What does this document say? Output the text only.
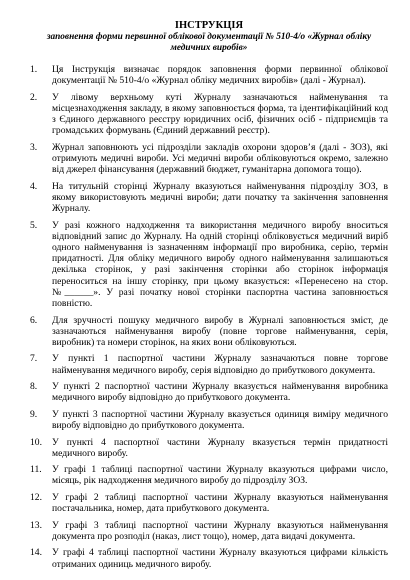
ІНСТРУКЦІЯ
заповнення форми первинної облікової документації № 510-4/о «Журнал обліку медичних виробів»
1.	Ця Інструкція визначає порядок заповнення форми первинної облікової документації № 510-4/о «Журнал обліку медичних виробів» (далі - Журнал).
2.	У лівому верхньому куті Журналу зазначаються найменування та місцезнаходження закладу, в якому заповнюється форма, та ідентифікаційний код з Єдиного державного реєстру юридичних осіб, фізичних осіб - підприємців та громадських формувань (Єдиний державний реєстр).
3.	Журнал заповнюють усі підрозділи закладів охорони здоров’я (далі - ЗОЗ), які отримують медичні вироби. Усі медичні вироби обліковуються окремо, залежно від джерел фінансування (державний бюджет, гуманітарна допомога тощо).
4.	На титульній сторінці Журналу вказуються найменування підрозділу ЗОЗ, в якому використовують медичні вироби; дати початку та закінчення заповнення Журналу.
5.	У разі кожного надходження та використання медичного виробу вноситься відповідний запис до Журналу. На одній сторінці обліковується медичний виріб одного найменування із зазначенням інформації про виробника, серію, термін придатності. Для обліку медичного виробу одного найменування залишаються декілька сторінок, у разі закінчення сторінки або сторінок інформація переноситься на іншу сторінку, при цьому вказується: «Перенесено на стор. №______». У разі початку нової сторінки паспортна частина заповнюється повністю.
6.	Для зручності пошуку медичного виробу в Журналі заповнюється зміст, де зазначаються найменування виробу (повне торгове найменування, серія, виробник) та номери сторінок, на яких вони обліковуються.
7.	У пункті 1 паспортної частини Журналу зазначаються повне торгове найменування медичного виробу, серія відповідно до прибуткового документа.
8.	У пункті 2 паспортної частини Журналу вказується найменування виробника медичного виробу відповідно до прибуткового документа.
9.	У пункті 3 паспортної частини Журналу вказується одиниця виміру медичного виробу відповідно до прибуткового документа.
10.	У пункті 4 паспортної частини Журналу вказується термін придатності медичного виробу.
11.	У графі 1 таблиці паспортної частини Журналу вказуються цифрами число, місяць, рік надходження медичного виробу до підрозділу ЗОЗ.
12.	У графі 2 таблиці паспортної частини Журналу вказуються найменування постачальника, номер, дата прибуткового документа.
13.	У графі 3 таблиці паспортної частини Журналу вказуються найменування документа про розподіл (наказ, лист тощо), номер, дата видачі документа.
14.	У графі 4 таблиці паспортної частини Журналу вказуються цифрами кількість отриманих одиниць медичного виробу.
